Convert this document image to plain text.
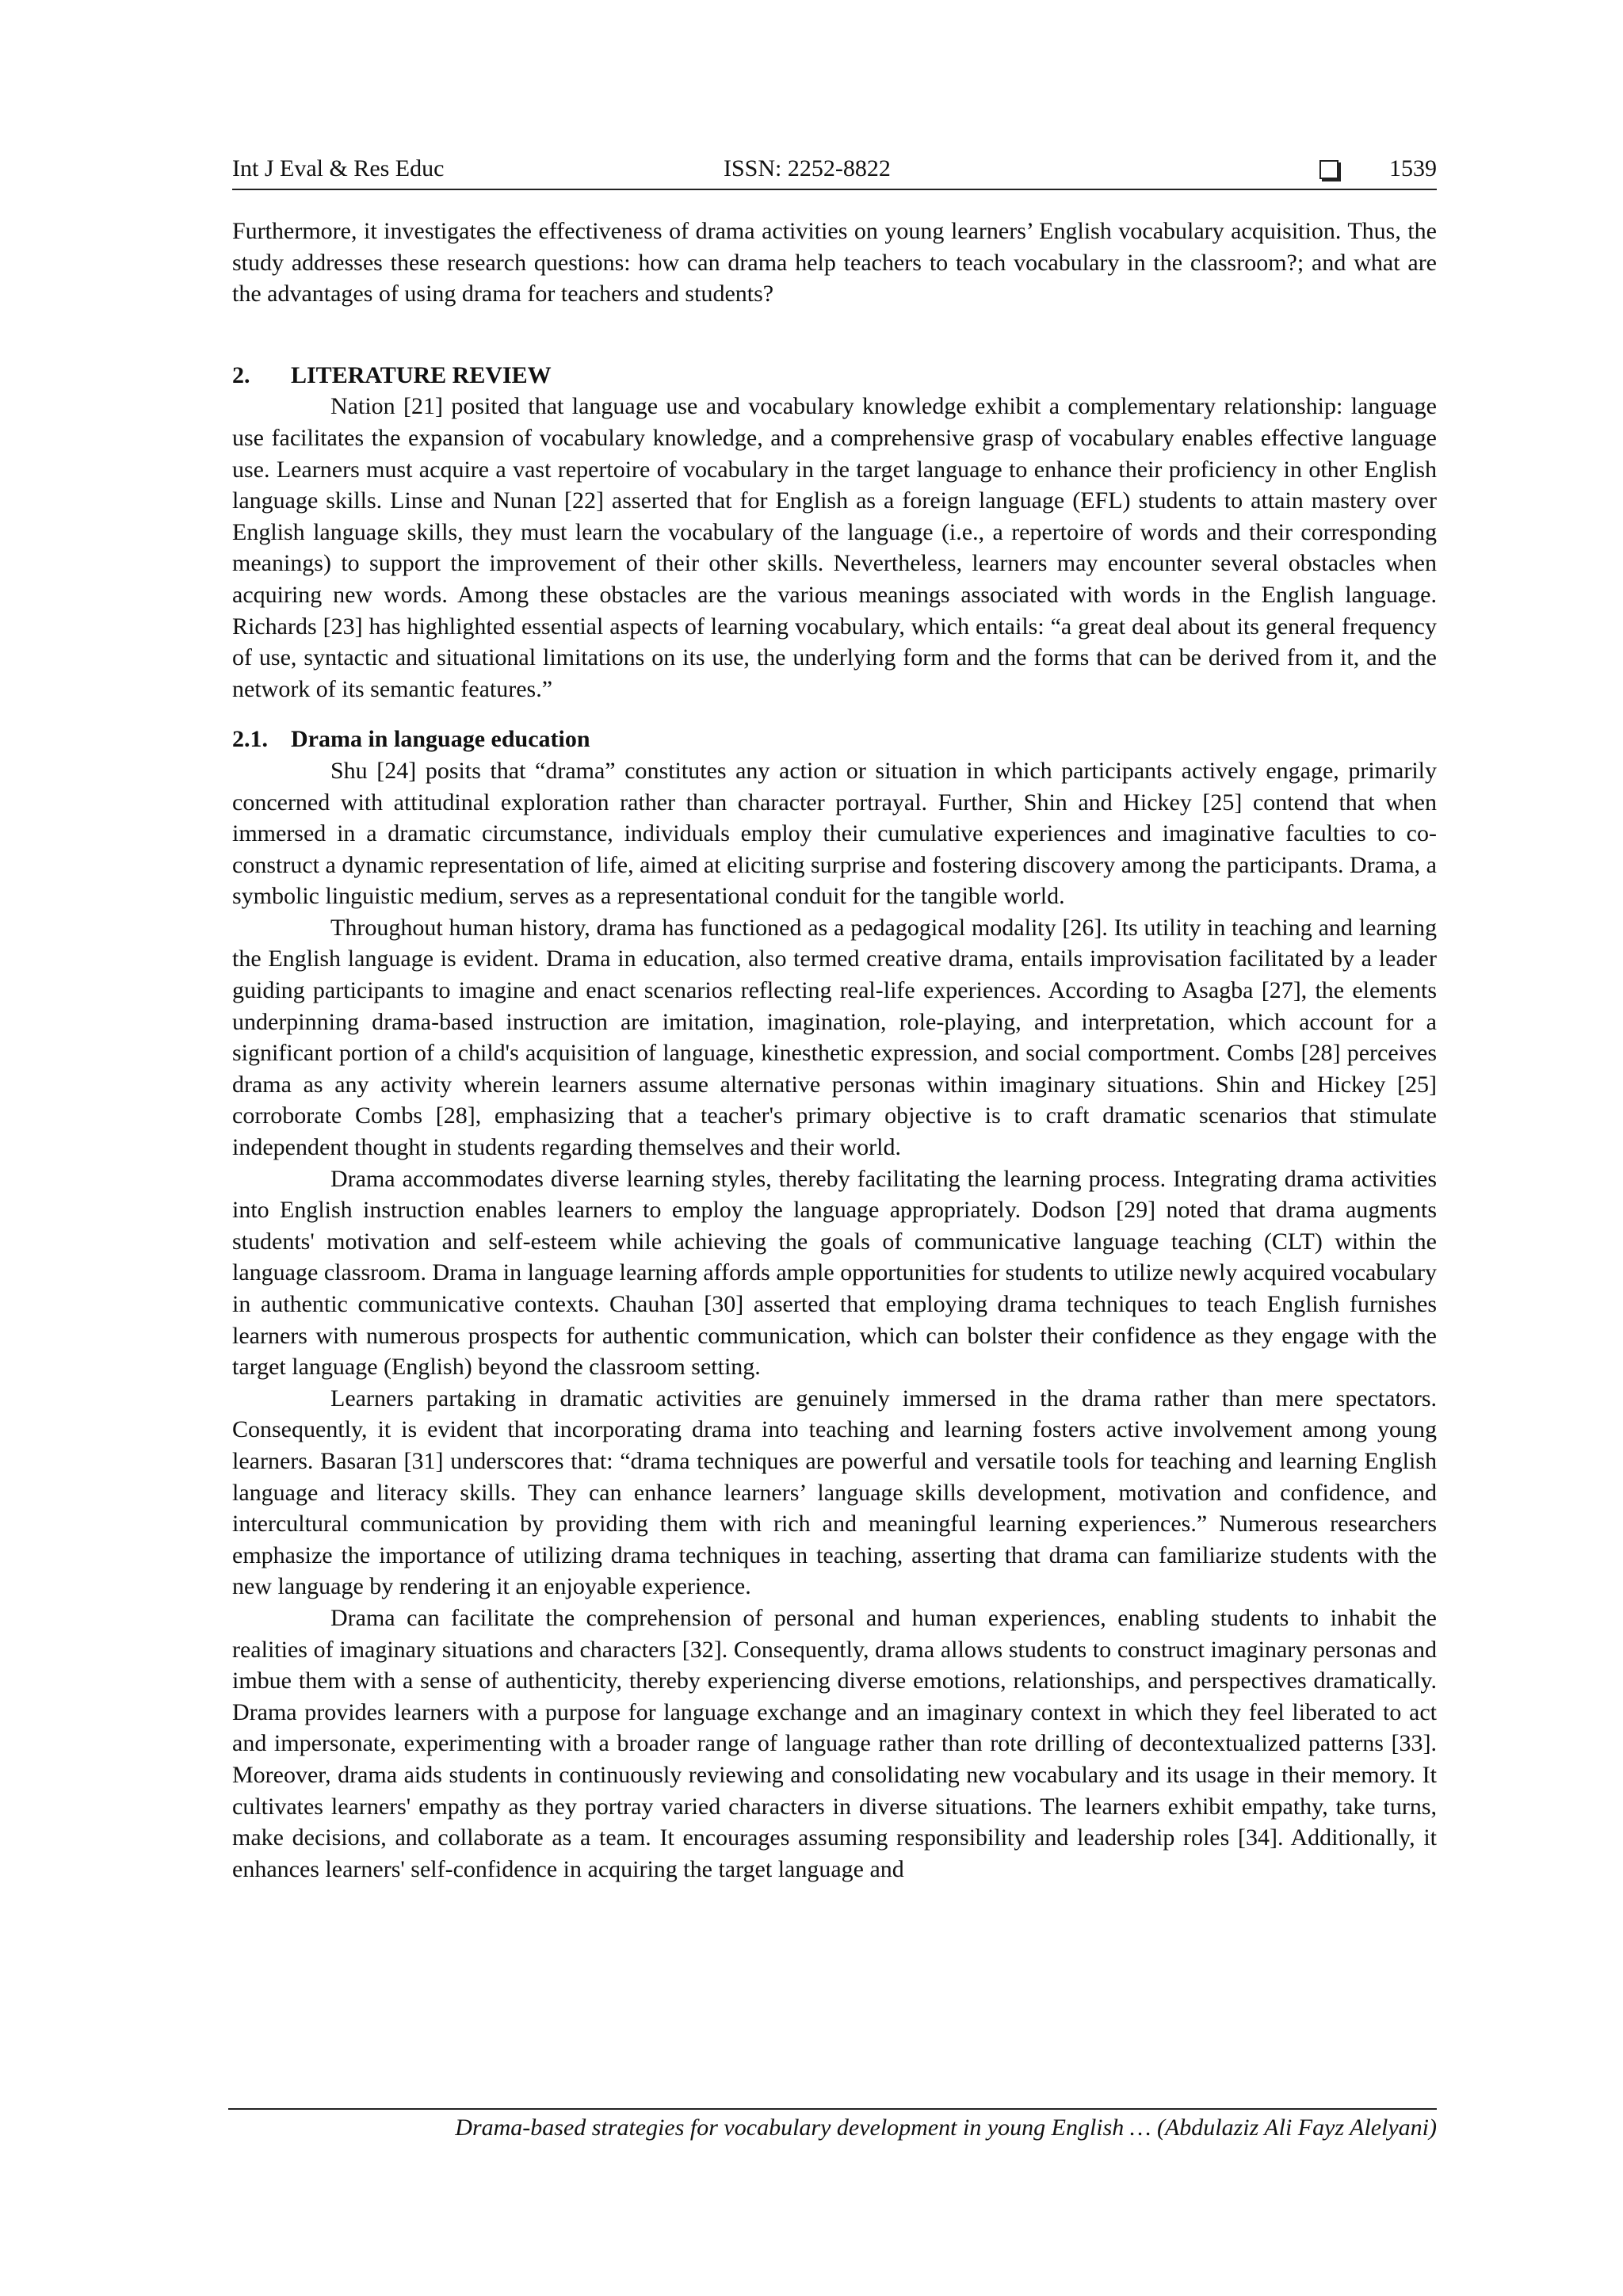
Int J Eval & Res Educ	ISSN: 2252-8822	1539

Furthermore, it investigates the effectiveness of drama activities on young learners’ English vocabulary acquisition. Thus, the study addresses these research questions: how can drama help teachers to teach vocabulary in the classroom?; and what are the advantages of using drama for teachers and students?

2. LITERATURE REVIEW

Nation [21] posited that language use and vocabulary knowledge exhibit a complementary relationship: language use facilitates the expansion of vocabulary knowledge, and a comprehensive grasp of vocabulary enables effective language use. Learners must acquire a vast repertoire of vocabulary in the target language to enhance their proficiency in other English language skills. Linse and Nunan [22] asserted that for English as a foreign language (EFL) students to attain mastery over English language skills, they must learn the vocabulary of the language (i.e., a repertoire of words and their corresponding meanings) to support the improvement of their other skills. Nevertheless, learners may encounter several obstacles when acquiring new words. Among these obstacles are the various meanings associated with words in the English language. Richards [23] has highlighted essential aspects of learning vocabulary, which entails: “a great deal about its general frequency of use, syntactic and situational limitations on its use, the underlying form and the forms that can be derived from it, and the network of its semantic features.”

2.1. Drama in language education

Shu [24] posits that “drama” constitutes any action or situation in which participants actively engage, primarily concerned with attitudinal exploration rather than character portrayal. Further, Shin and Hickey [25] contend that when immersed in a dramatic circumstance, individuals employ their cumulative experiences and imaginative faculties to co-construct a dynamic representation of life, aimed at eliciting surprise and fostering discovery among the participants. Drama, a symbolic linguistic medium, serves as a representational conduit for the tangible world.

Throughout human history, drama has functioned as a pedagogical modality [26]. Its utility in teaching and learning the English language is evident. Drama in education, also termed creative drama, entails improvisation facilitated by a leader guiding participants to imagine and enact scenarios reflecting real-life experiences. According to Asagba [27], the elements underpinning drama-based instruction are imitation, imagination, role-playing, and interpretation, which account for a significant portion of a child's acquisition of language, kinesthetic expression, and social comportment. Combs [28] perceives drama as any activity wherein learners assume alternative personas within imaginary situations. Shin and Hickey [25] corroborate Combs [28], emphasizing that a teacher's primary objective is to craft dramatic scenarios that stimulate independent thought in students regarding themselves and their world.

Drama accommodates diverse learning styles, thereby facilitating the learning process. Integrating drama activities into English instruction enables learners to employ the language appropriately. Dodson [29] noted that drama augments students' motivation and self-esteem while achieving the goals of communicative language teaching (CLT) within the language classroom. Drama in language learning affords ample opportunities for students to utilize newly acquired vocabulary in authentic communicative contexts. Chauhan [30] asserted that employing drama techniques to teach English furnishes learners with numerous prospects for authentic communication, which can bolster their confidence as they engage with the target language (English) beyond the classroom setting.

Learners partaking in dramatic activities are genuinely immersed in the drama rather than mere spectators. Consequently, it is evident that incorporating drama into teaching and learning fosters active involvement among young learners. Basaran [31] underscores that: “drama techniques are powerful and versatile tools for teaching and learning English language and literacy skills. They can enhance learners’ language skills development, motivation and confidence, and intercultural communication by providing them with rich and meaningful learning experiences.” Numerous researchers emphasize the importance of utilizing drama techniques in teaching, asserting that drama can familiarize students with the new language by rendering it an enjoyable experience.

Drama can facilitate the comprehension of personal and human experiences, enabling students to inhabit the realities of imaginary situations and characters [32]. Consequently, drama allows students to construct imaginary personas and imbue them with a sense of authenticity, thereby experiencing diverse emotions, relationships, and perspectives dramatically. Drama provides learners with a purpose for language exchange and an imaginary context in which they feel liberated to act and impersonate, experimenting with a broader range of language rather than rote drilling of decontextualized patterns [33]. Moreover, drama aids students in continuously reviewing and consolidating new vocabulary and its usage in their memory. It cultivates learners' empathy as they portray varied characters in diverse situations. The learners exhibit empathy, take turns, make decisions, and collaborate as a team. It encourages assuming responsibility and leadership roles [34]. Additionally, it enhances learners' self-confidence in acquiring the target language and

Drama-based strategies for vocabulary development in young English … (Abdulaziz Ali Fayz Alelyani)
